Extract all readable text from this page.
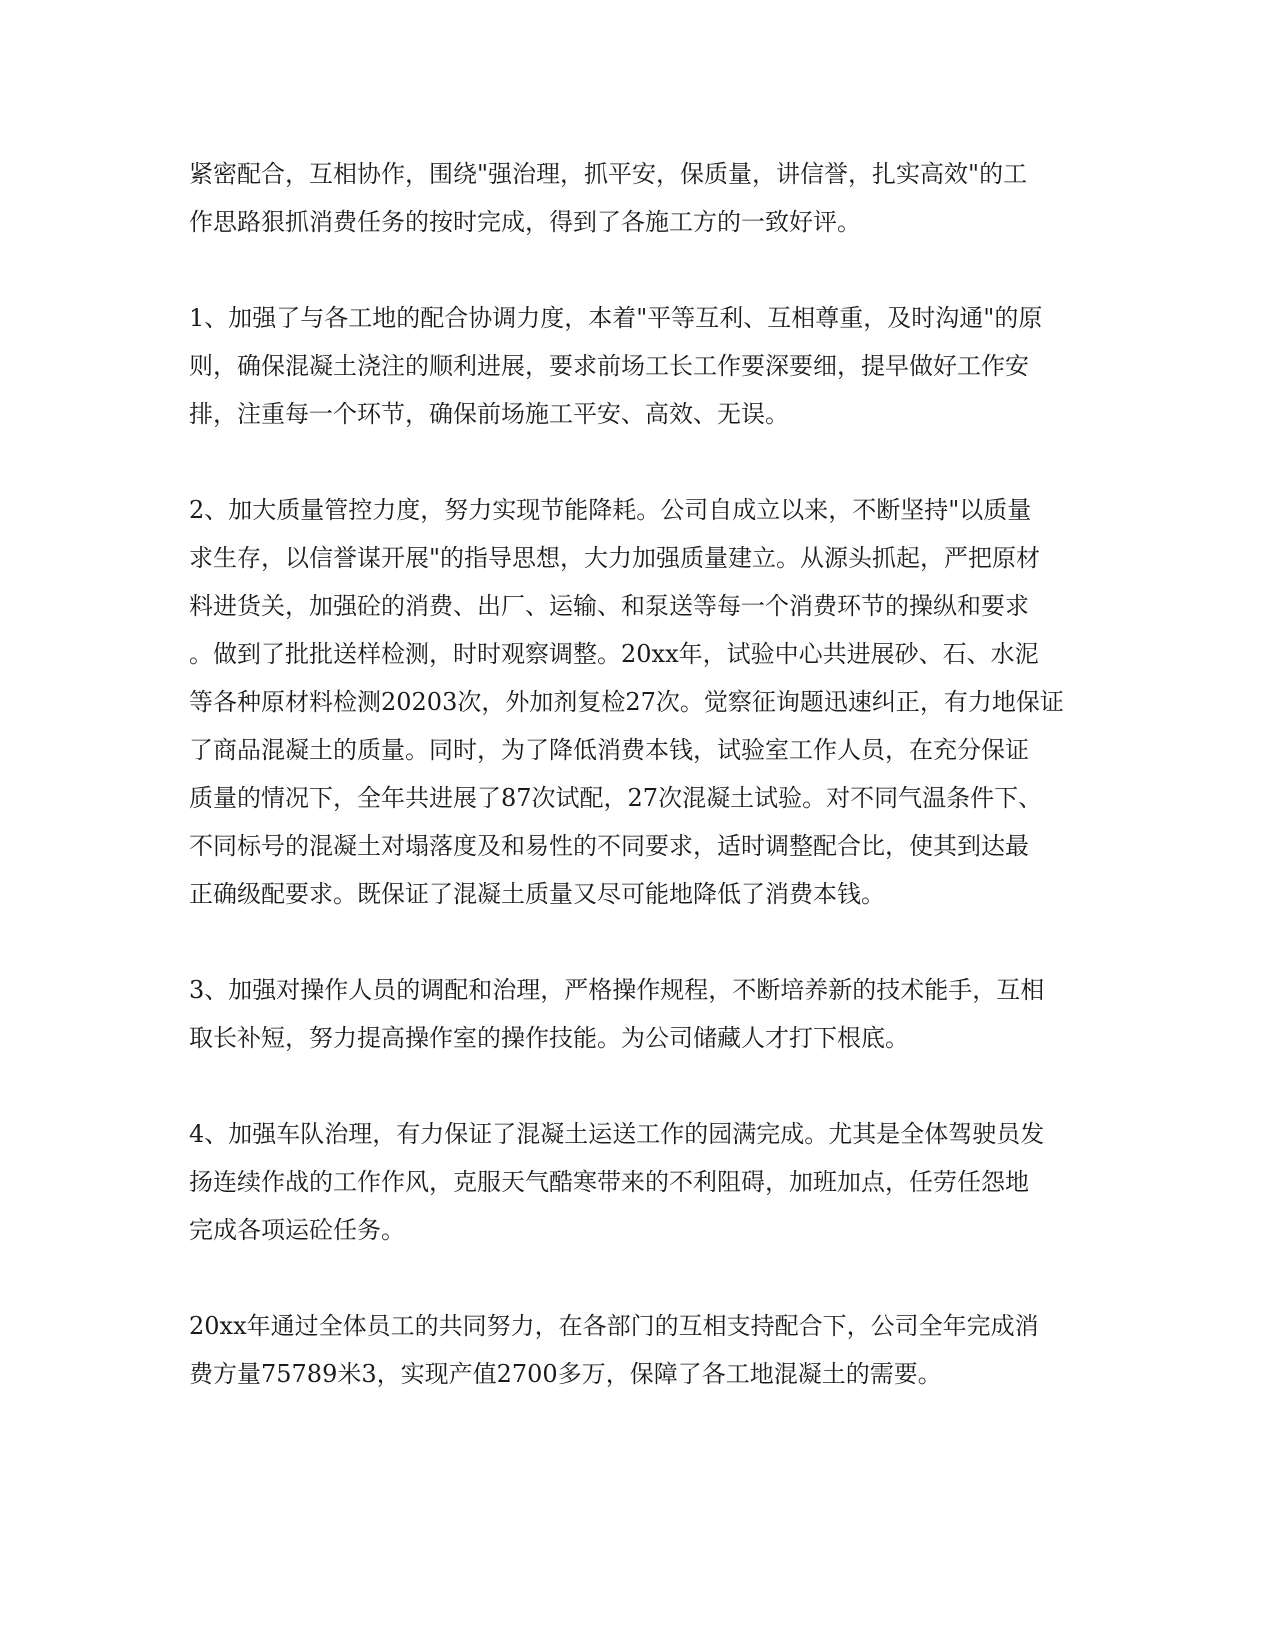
紧密配合，互相协作，围绕"强治理，抓平安，保质量，讲信誉，扎实高效"的工
作思路狠抓消费任务的按时完成，得到了各施工方的一致好评。
1、加强了与各工地的配合协调力度，本着"平等互利、互相尊重，及时沟通"的原
则，确保混凝土浇注的顺利进展，要求前场工长工作要深要细，提早做好工作安
排，注重每一个环节，确保前场施工平安、高效、无误。
2、加大质量管控力度，努力实现节能降耗。公司自成立以来，不断坚持"以质量
求生存，以信誉谋开展"的指导思想，大力加强质量建立。从源头抓起，严把原材
料进货关，加强砼的消费、出厂、运输、和泵送等每一个消费环节的操纵和要求
。做到了批批送样检测，时时观察调整。20xx年，试验中心共进展砂、石、水泥
等各种原材料检测20203次，外加剂复检27次。觉察征询题迅速纠正，有力地保证
了商品混凝土的质量。同时，为了降低消费本钱，试验室工作人员，在充分保证
质量的情况下，全年共进展了87次试配，27次混凝土试验。对不同气温条件下、
不同标号的混凝土对塌落度及和易性的不同要求，适时调整配合比，使其到达最
正确级配要求。既保证了混凝土质量又尽可能地降低了消费本钱。
3、加强对操作人员的调配和治理，严格操作规程，不断培养新的技术能手，互相
取长补短，努力提高操作室的操作技能。为公司储藏人才打下根底。
4、加强车队治理，有力保证了混凝土运送工作的园满完成。尤其是全体驾驶员发
扬连续作战的工作作风，克服天气酷寒带来的不利阻碍，加班加点，任劳任怨地
完成各项运砼任务。
20xx年通过全体员工的共同努力，在各部门的互相支持配合下，公司全年完成消
费方量75789米3，实现产值2700多万，保障了各工地混凝土的需要。
